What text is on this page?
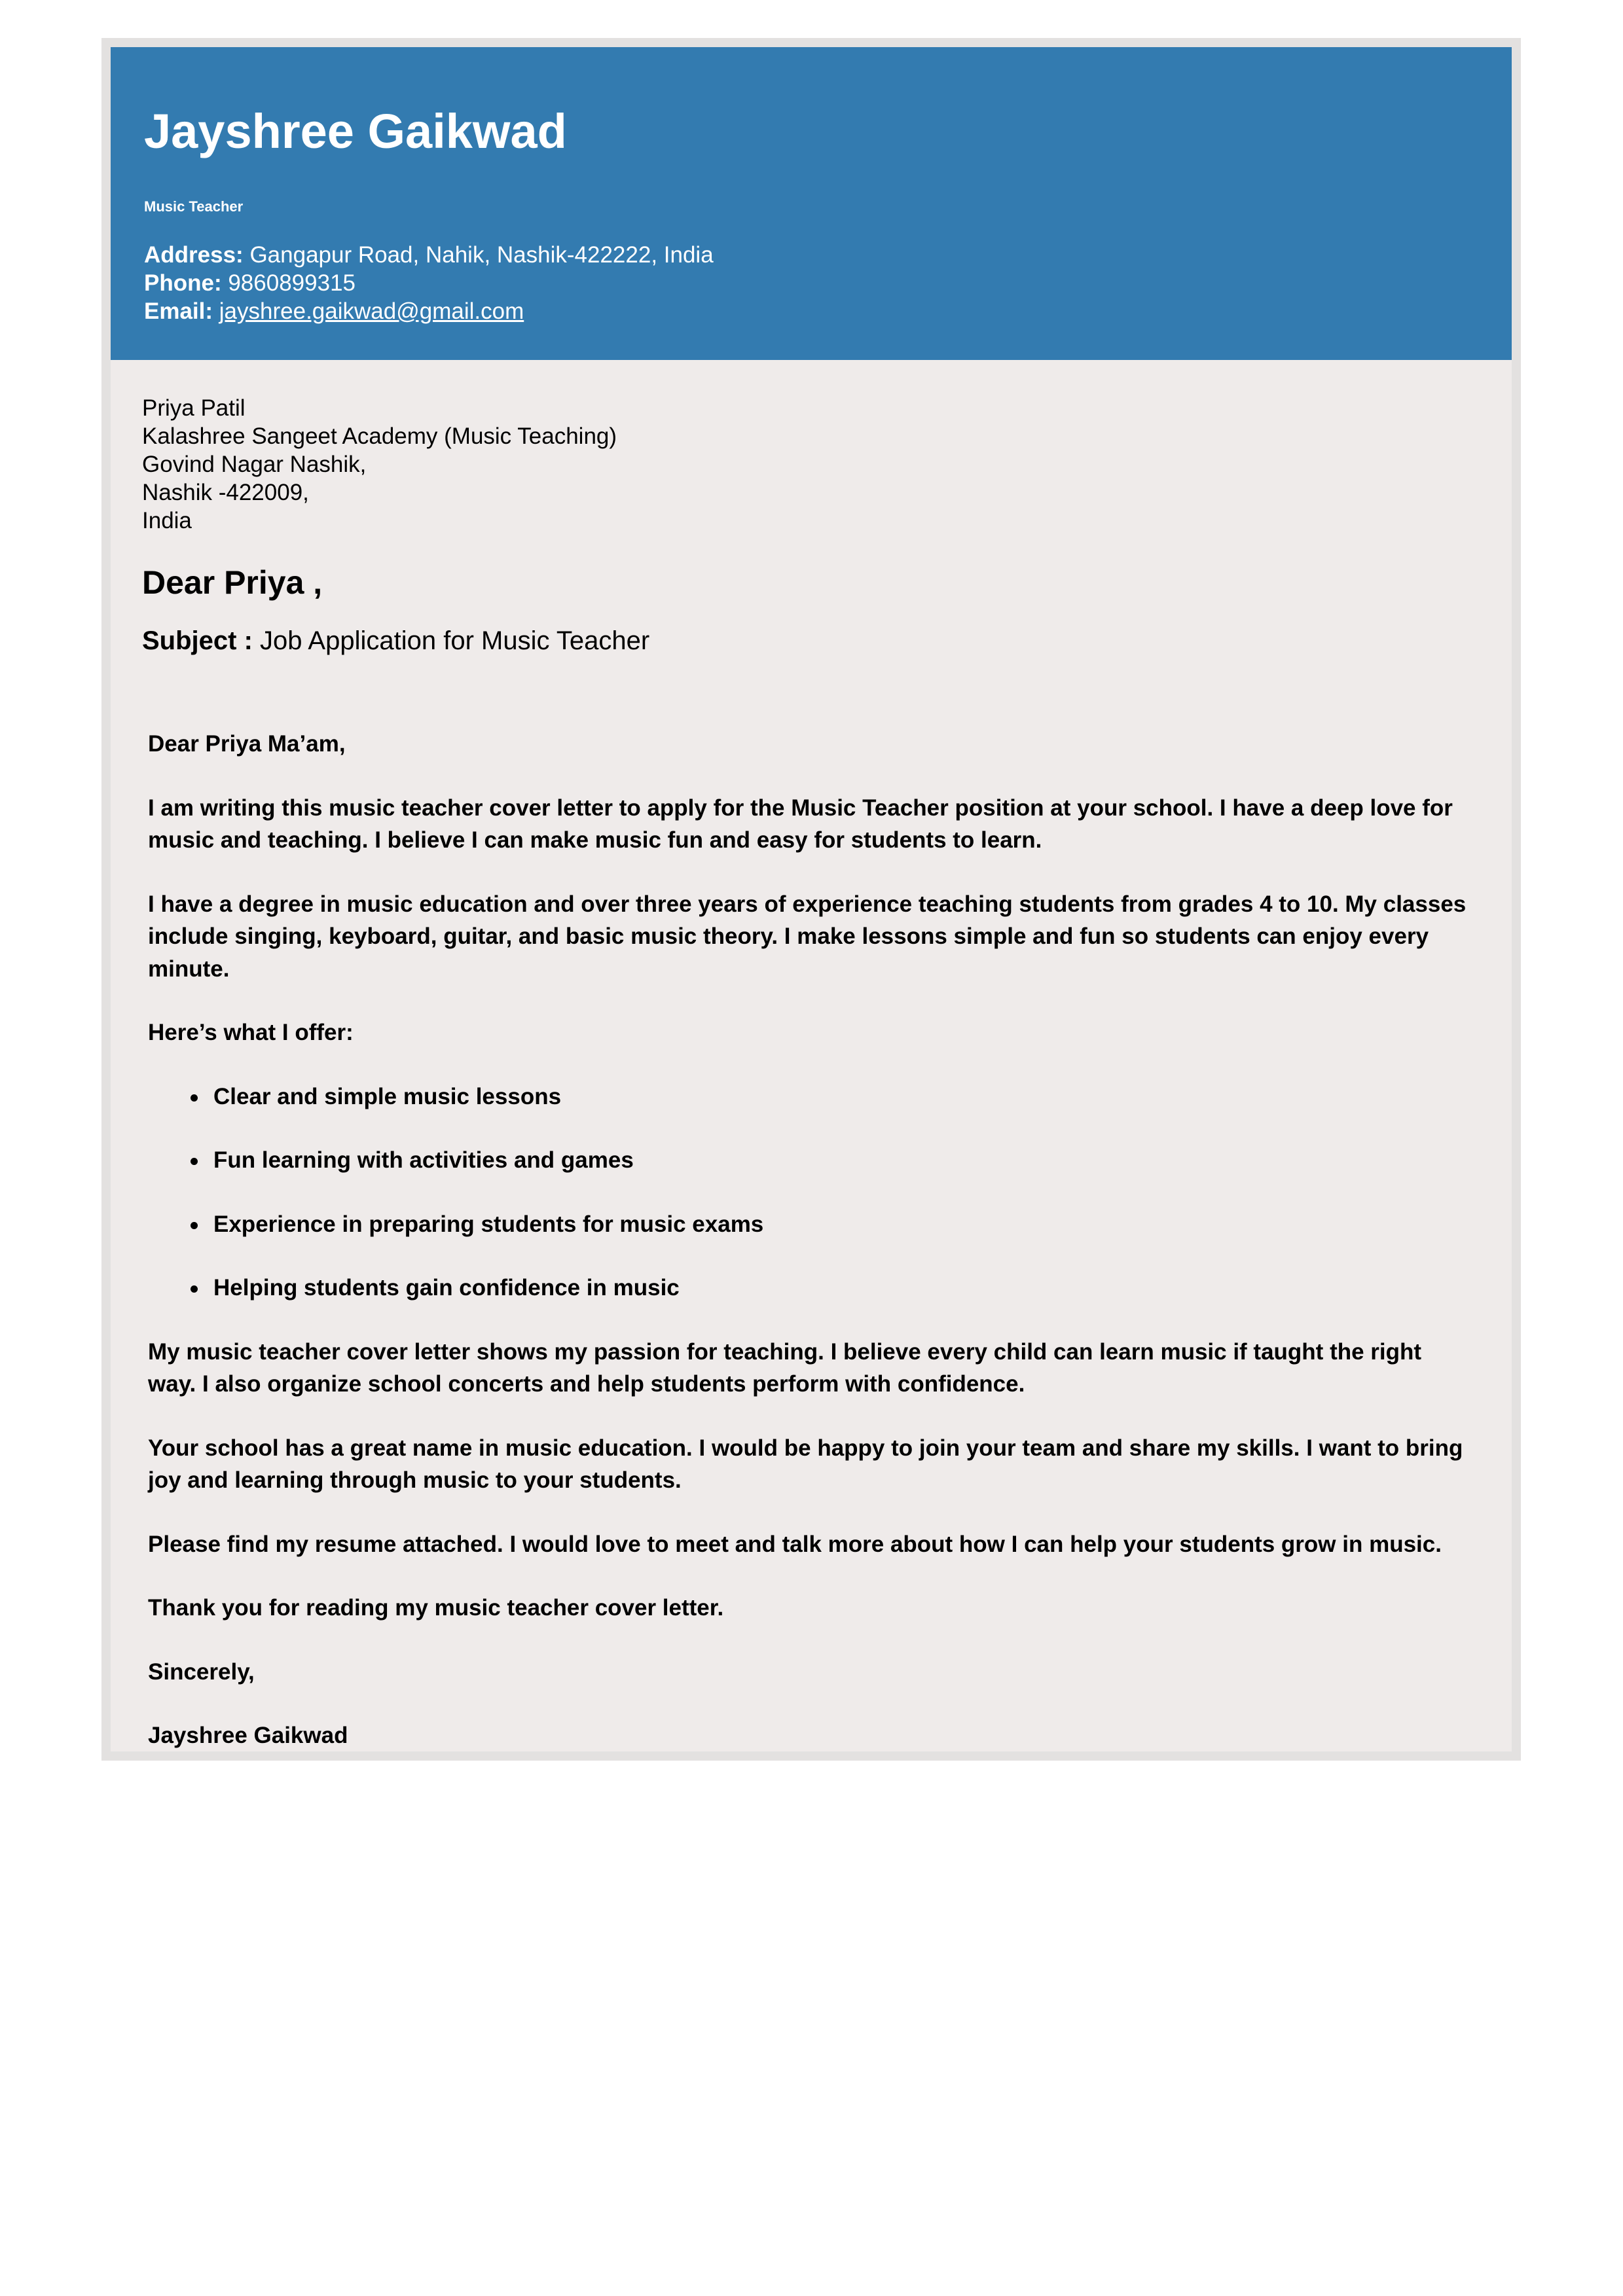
Jayshree Gaikwad
Music Teacher
Address: Gangapur Road, Nahik, Nashik-422222, India
Phone: 9860899315
Email: jayshree.gaikwad@gmail.com
Priya Patil
Kalashree Sangeet Academy (Music Teaching)
Govind Nagar Nashik,
Nashik -422009,
India
Dear Priya ,
Subject : Job Application for Music Teacher

Dear Priya Ma’am,

I am writing this music teacher cover letter to apply for the Music Teacher position at your school. I have a deep love for music and teaching. I believe I can make music fun and easy for students to learn.

I have a degree in music education and over three years of experience teaching students from grades 4 to 10. My classes include singing, keyboard, guitar, and basic music theory. I make lessons simple and fun so students can enjoy every minute.

Here’s what I offer:

Clear and simple music lessons
Fun learning with activities and games
Experience in preparing students for music exams
Helping students gain confidence in music

My music teacher cover letter shows my passion for teaching. I believe every child can learn music if taught the right way. I also organize school concerts and help students perform with confidence.

Your school has a great name in music education. I would be happy to join your team and share my skills. I want to bring joy and learning through music to your students.

Please find my resume attached. I would love to meet and talk more about how I can help your students grow in music.

Thank you for reading my music teacher cover letter.

Sincerely,

Jayshree Gaikwad
